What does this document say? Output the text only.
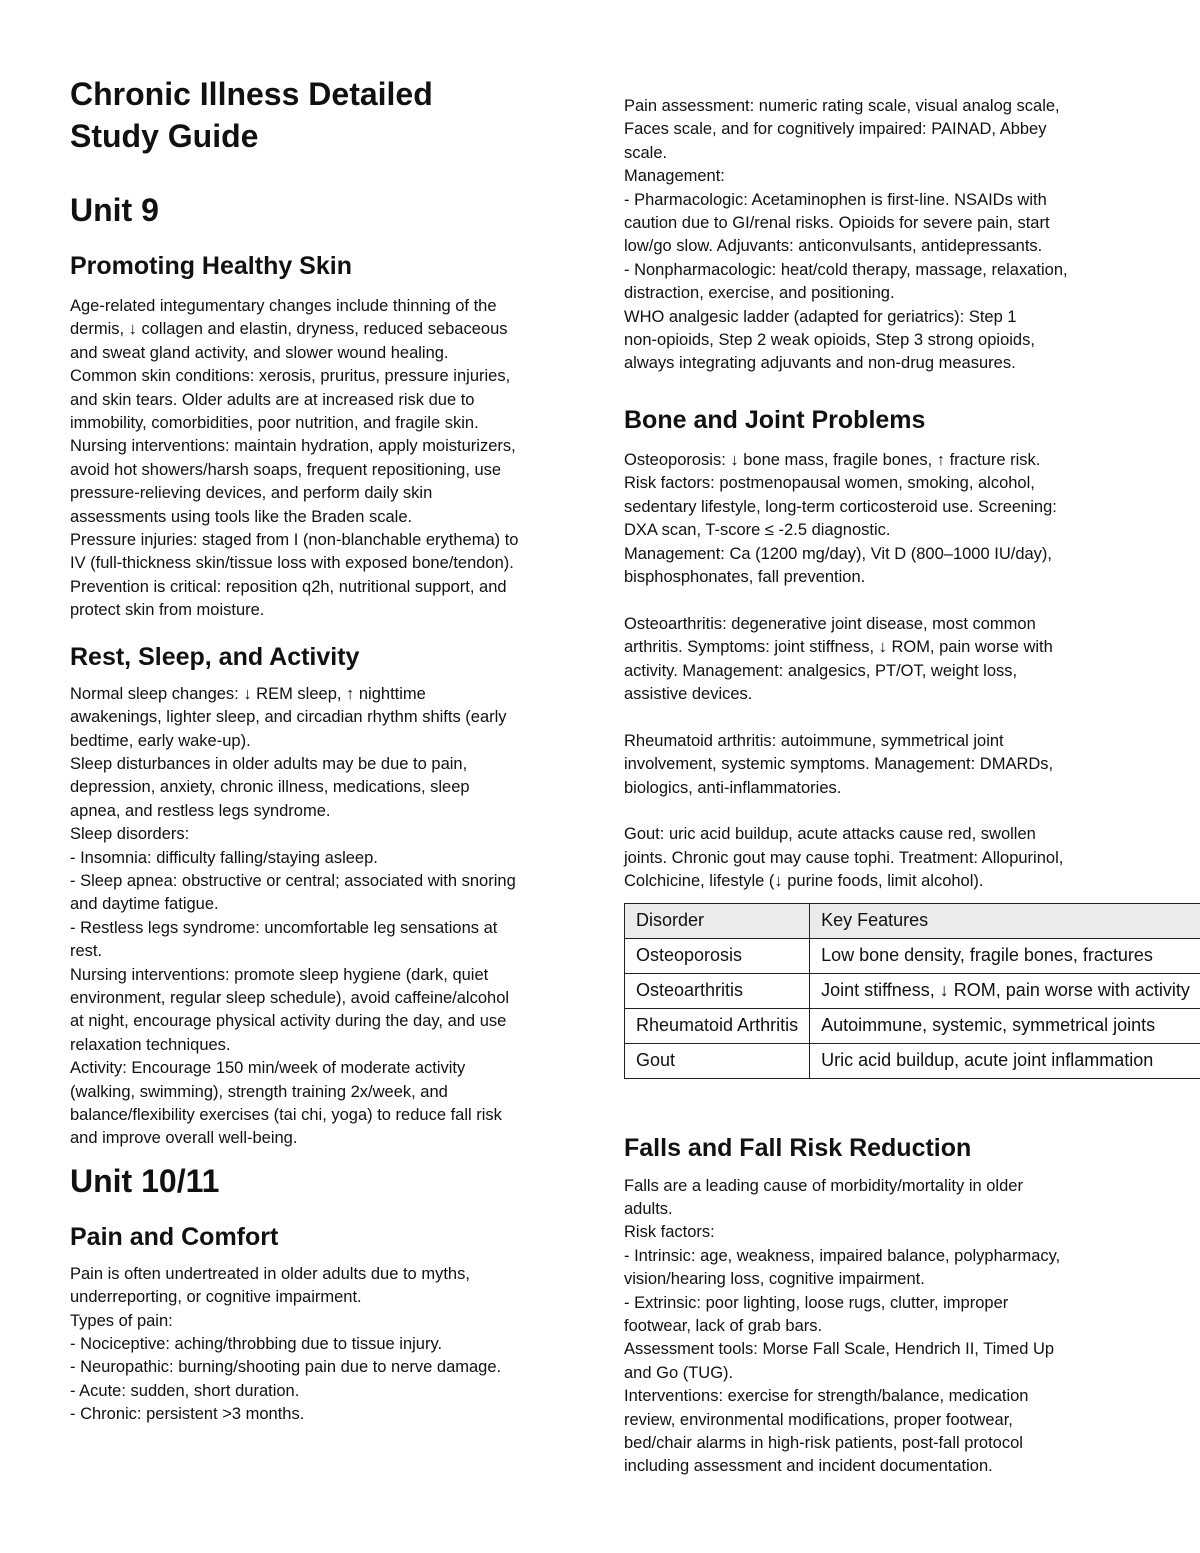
Chronic Illness Detailed
Study Guide
Unit 9
Promoting Healthy Skin
Age-related integumentary changes include thinning of the
dermis, ↓ collagen and elastin, dryness, reduced sebaceous
and sweat gland activity, and slower wound healing.
Common skin conditions: xerosis, pruritus, pressure injuries,
and skin tears. Older adults are at increased risk due to
immobility, comorbidities, poor nutrition, and fragile skin.
Nursing interventions: maintain hydration, apply moisturizers,
avoid hot showers/harsh soaps, frequent repositioning, use
pressure-relieving devices, and perform daily skin
assessments using tools like the Braden scale.
Pressure injuries: staged from I (non-blanchable erythema) to
IV (full-thickness skin/tissue loss with exposed bone/tendon).
Prevention is critical: reposition q2h, nutritional support, and
protect skin from moisture.
Rest, Sleep, and Activity
Normal sleep changes: ↓ REM sleep, ↑ nighttime
awakenings, lighter sleep, and circadian rhythm shifts (early
bedtime, early wake-up).
Sleep disturbances in older adults may be due to pain,
depression, anxiety, chronic illness, medications, sleep
apnea, and restless legs syndrome.
Sleep disorders:
- Insomnia: difficulty falling/staying asleep.
- Sleep apnea: obstructive or central; associated with snoring
and daytime fatigue.
- Restless legs syndrome: uncomfortable leg sensations at
rest.
Nursing interventions: promote sleep hygiene (dark, quiet
environment, regular sleep schedule), avoid caffeine/alcohol
at night, encourage physical activity during the day, and use
relaxation techniques.
Activity: Encourage 150 min/week of moderate activity
(walking, swimming), strength training 2x/week, and
balance/flexibility exercises (tai chi, yoga) to reduce fall risk
and improve overall well-being.
Unit 10/11
Pain and Comfort
Pain is often undertreated in older adults due to myths,
underreporting, or cognitive impairment.
Types of pain:
- Nociceptive: aching/throbbing due to tissue injury.
- Neuropathic: burning/shooting pain due to nerve damage.
- Acute: sudden, short duration.
- Chronic: persistent >3 months.
Pain assessment: numeric rating scale, visual analog scale,
Faces scale, and for cognitively impaired: PAINAD, Abbey
scale.
Management:
- Pharmacologic: Acetaminophen is first-line. NSAIDs with
caution due to GI/renal risks. Opioids for severe pain, start
low/go slow. Adjuvants: anticonvulsants, antidepressants.
- Nonpharmacologic: heat/cold therapy, massage, relaxation,
distraction, exercise, and positioning.
WHO analgesic ladder (adapted for geriatrics): Step 1
non-opioids, Step 2 weak opioids, Step 3 strong opioids,
always integrating adjuvants and non-drug measures.
Bone and Joint Problems
Osteoporosis: ↓ bone mass, fragile bones, ↑ fracture risk.
Risk factors: postmenopausal women, smoking, alcohol,
sedentary lifestyle, long-term corticosteroid use. Screening:
DXA scan, T-score ≤ -2.5 diagnostic.
Management: Ca (1200 mg/day), Vit D (800–1000 IU/day),
bisphosphonates, fall prevention.
Osteoarthritis: degenerative joint disease, most common
arthritis. Symptoms: joint stiffness, ↓ ROM, pain worse with
activity. Management: analgesics, PT/OT, weight loss,
assistive devices.
Rheumatoid arthritis: autoimmune, symmetrical joint
involvement, systemic symptoms. Management: DMARDs,
biologics, anti-inflammatories.
Gout: uric acid buildup, acute attacks cause red, swollen
joints. Chronic gout may cause tophi. Treatment: Allopurinol,
Colchicine, lifestyle (↓ purine foods, limit alcohol).
Disorder	Key Features
Osteoporosis	Low bone density, fragile bones, fractures
Osteoarthritis	Joint stiffness, ↓ ROM, pain worse with activity
Rheumatoid Arthritis	Autoimmune, systemic, symmetrical joints
Gout	Uric acid buildup, acute joint inflammation
Falls and Fall Risk Reduction
Falls are a leading cause of morbidity/mortality in older
adults.
Risk factors:
- Intrinsic: age, weakness, impaired balance, polypharmacy,
vision/hearing loss, cognitive impairment.
- Extrinsic: poor lighting, loose rugs, clutter, improper
footwear, lack of grab bars.
Assessment tools: Morse Fall Scale, Hendrich II, Timed Up
and Go (TUG).
Interventions: exercise for strength/balance, medication
review, environmental modifications, proper footwear,
bed/chair alarms in high-risk patients, post-fall protocol
including assessment and incident documentation.
